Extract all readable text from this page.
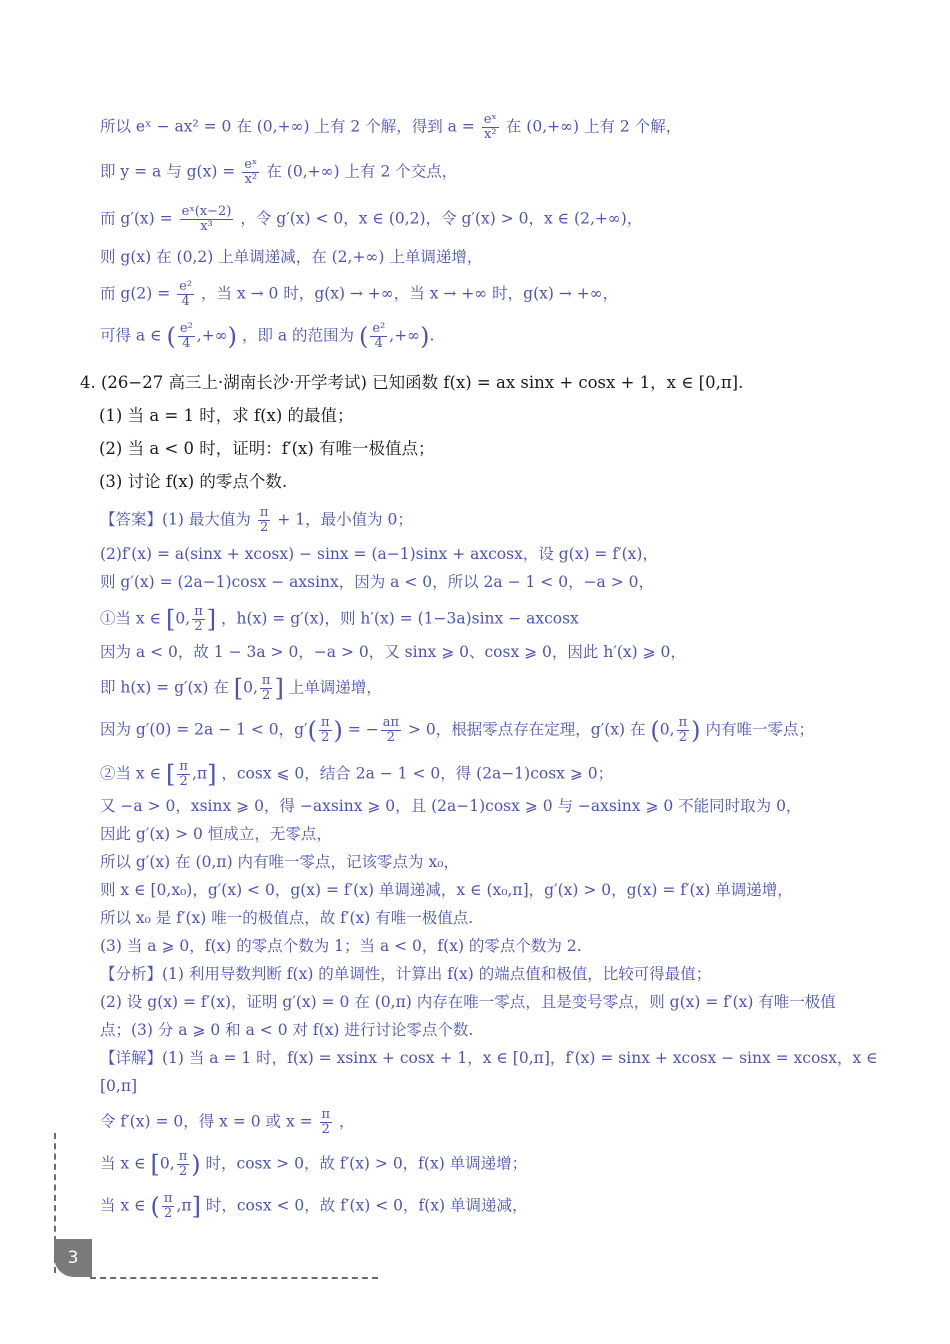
所以 eˣ − ax² = 0 在 (0,+∞) 上有 2 个解，得到 $a = \frac{\text{eˣ}}{\text{x²}}$ 在 (0,+∞) 上有 2 个解，
即 y = a 与 $g(x) = \frac{\text{eˣ}}{\text{x²}}$ 在 (0,+∞) 上有 2 个交点，
而 $g'(x) = \frac{\text{eˣ(x−2)}}{\text{x³}}$ ，令 g′(x) < 0，x ∈ (0,2)，令 g′(x) > 0，x ∈ (2,+∞)，
则 g(x) 在 (0,2) 上单调递减，在 (2,+∞) 上单调递增，
而 $g(2) = \frac{\text{e²}}{4}$ ，当 x → 0 时，g(x) → +∞，当 x → +∞ 时，g(x) → +∞，
可得 a ∈ ( $\frac{\text{e²}}{4}$ ,+∞) ，即 a 的范围为 ( $\frac{\text{e²}}{4}$ ,+∞).
4. (26−27 高三上·湖南长沙·开学考试) 已知函数 f(x) = ax sinx + cosx + 1，x ∈ [0,π].
(1) 当 a = 1 时，求 f(x) 的最值；
(2) 当 a < 0 时，证明：f′(x) 有唯一极值点；
(3) 讨论 f(x) 的零点个数.
【答案】(1) 最大值为 $\frac{\pi}{2} + 1$，最小值为 0；
(2)f′(x) = a(sinx + xcosx) − sinx = (a−1)sinx + axcosx，设 g(x) = f′(x)，
则 g′(x) = (2a−1)cosx − axsinx，因为 a < 0，所以 2a − 1 < 0，−a > 0，
①当 x ∈ [0, $\frac{\pi}{2}$ ] ，h(x) = g′(x)，则 h′(x) = (1−3a)sinx − axcosx
因为 a < 0，故 1 − 3a > 0，−a > 0，又 sinx ⩾ 0、cosx ⩾ 0，因此 h′(x) ⩾ 0，
即 h(x) = g′(x) 在 [0, $\frac{\pi}{2}$ ] 上单调递增，
因为 g′(0) = 2a − 1 < 0，$g'( \frac{\pi}{2}$ ) = − $\frac{a\pi}{2} > 0$，根据零点存在定理，g′(x) 在 (0, $\frac{\pi}{2}$ ) 内有唯一零点；
②当 x ∈ [ $\frac{\pi}{2} ,\pi$] ，cosx ⩽ 0，结合 2a − 1 < 0，得 (2a−1)cosx ⩾ 0；
又 −a > 0，xsinx ⩾ 0，得 −axsinx ⩾ 0，且 (2a−1)cosx ⩾ 0 与 −axsinx ⩾ 0 不能同时取为 0，
因此 g′(x) > 0 恒成立，无零点，
所以 g′(x) 在 (0,π) 内有唯一零点，记该零点为 x₀，
则 x ∈ [0,x₀)，g′(x) < 0，g(x) = f′(x) 单调递减，x ∈ (x₀,π]，g′(x) > 0，g(x) = f′(x) 单调递增，
所以 x₀ 是 f′(x) 唯一的极值点，故 f′(x) 有唯一极值点.
(3) 当 a ⩾ 0，f(x) 的零点个数为 1；当 a < 0，f(x) 的零点个数为 2.
【分析】(1) 利用导数判断 f(x) 的单调性，计算出 f(x) 的端点值和极值，比较可得最值；
(2) 设 g(x) = f′(x)，证明 g′(x) = 0 在 (0,π) 内存在唯一零点，且是变号零点，则 g(x) = f′(x) 有唯一极值
点；(3) 分 a ⩾ 0 和 a < 0 对 f(x) 进行讨论零点个数.
【详解】(1) 当 a = 1 时，f(x) = xsinx + cosx + 1，x ∈ [0,π]，f′(x) = sinx + xcosx − sinx = xcosx，x ∈
[0,π]
令 f′(x) = 0，得 x = 0 或 $x = \frac{\pi}{2}$ ，
当 x ∈ [0, $\frac{\pi}{2}$ ) 时，cosx > 0，故 f′(x) > 0，f(x) 单调递增；
当 x ∈ ( $\frac{\pi}{2} ,\pi$] 时，cosx < 0，故 f′(x) < 0，f(x) 单调递减，
3
